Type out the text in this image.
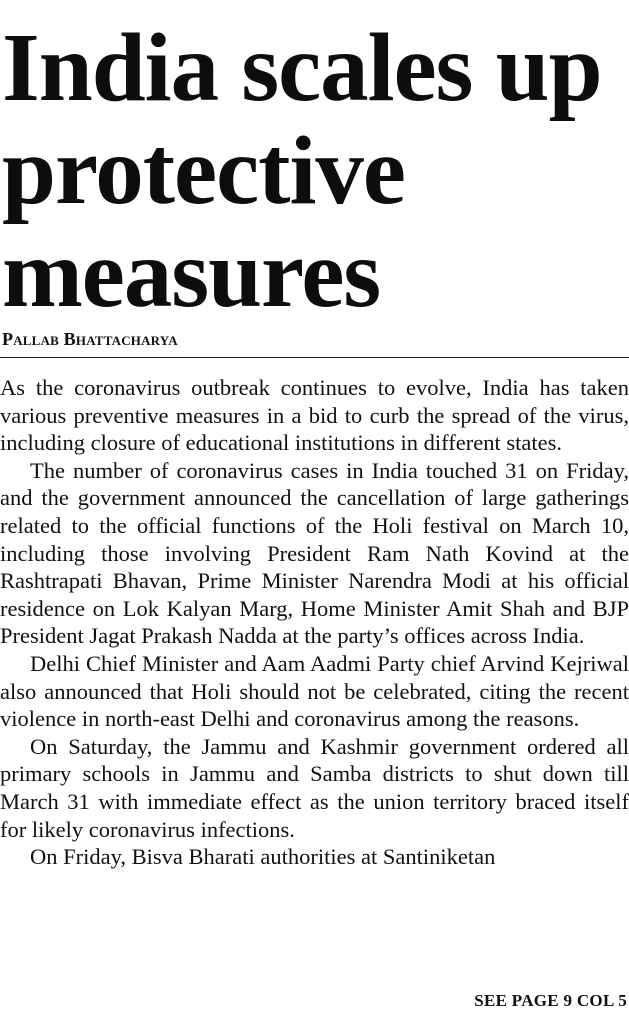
India scales up protective measures
Pallab Bhattacharya

As the coronavirus outbreak continues to evolve, India has taken various preventive measures in a bid to curb the spread of the virus, including closure of educational institutions in different states.

The number of coronavirus cases in India touched 31 on Friday, and the government announced the cancellation of large gatherings related to the official functions of the Holi festival on March 10, including those involving President Ram Nath Kovind at the Rashtrapati Bhavan, Prime Minister Narendra Modi at his official residence on Lok Kalyan Marg, Home Minister Amit Shah and BJP President Jagat Prakash Nadda at the party’s offices across India.

Delhi Chief Minister and Aam Aadmi Party chief Arvind Kejriwal also announced that Holi should not be celebrated, citing the recent violence in north-east Delhi and coronavirus among the reasons.

On Saturday, the Jammu and Kashmir government ordered all primary schools in Jammu and Samba districts to shut down till March 31 with immediate effect as the union territory braced itself for likely coronavirus infections.

On Friday, Bisva Bharati authorities at Santiniketan

SEE PAGE 9 COL 5
